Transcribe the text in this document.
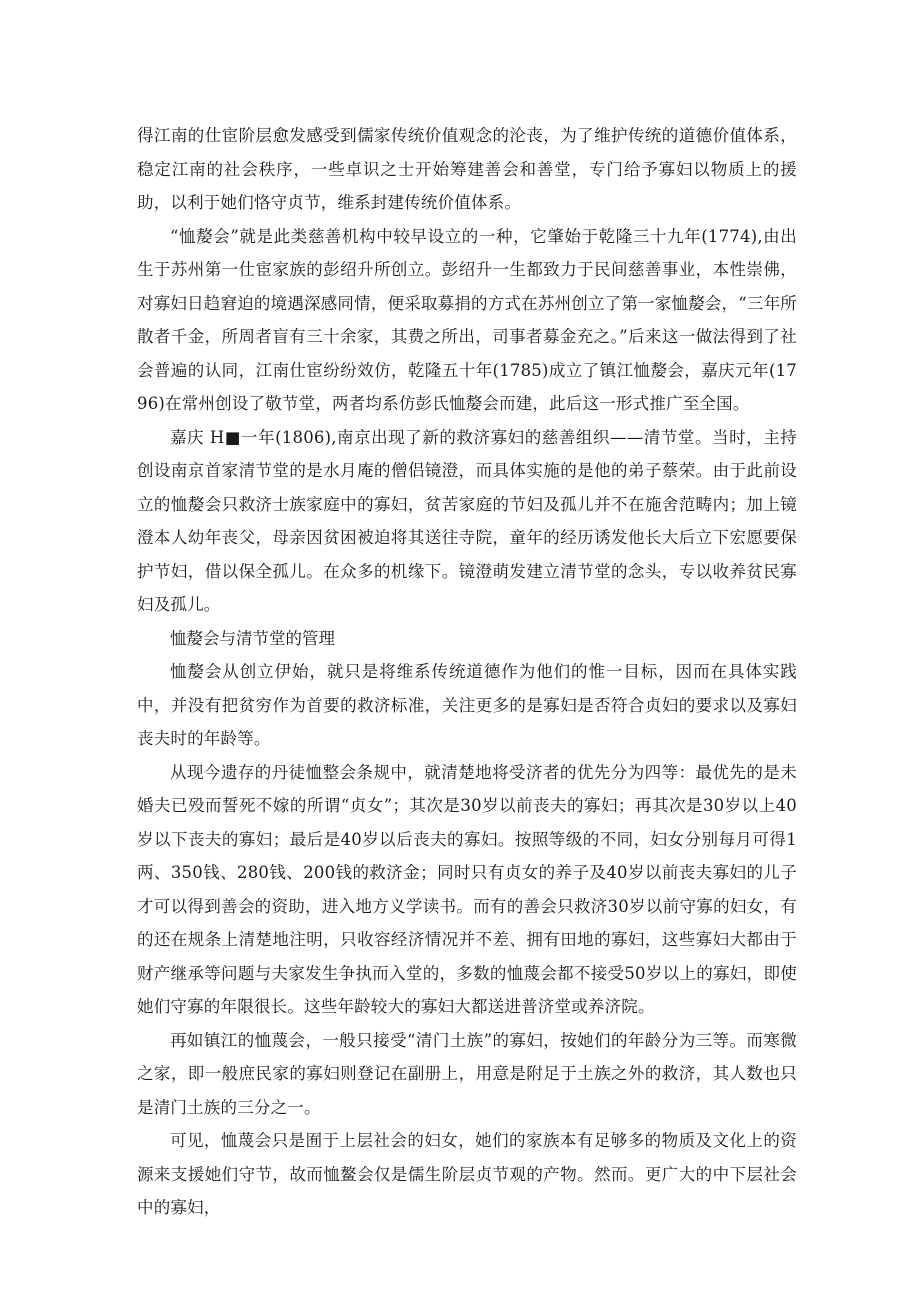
得江南的仕宦阶层愈发感受到儒家传统价值观念的沦丧，为了维护传统的道德价值体系，稳定江南的社会秩序，一些卓识之士开始筹建善会和善堂，专门给予寡妇以物质上的援助，以利于她们恪守贞节，维系封建传统价值体系。

“恤嫠会”就是此类慈善机构中较早设立的一种，它肇始于乾隆三十九年(1774),由出生于苏州第一仕宦家族的彭绍升所创立。彭绍升一生都致力于民间慈善事业，本性崇佛，对寡妇日趋窘迫的境遇深感同情，便采取募捐的方式在苏州创立了第一家恤嫠会，“三年所散者千金，所周者盲有三十余家，其费之所出，司事者募金充之。”后来这一做法得到了社会普遍的认同，江南仕宦纷纷效仿，乾隆五十年(1785)成立了镇江恤嫠会，嘉庆元年(1796)在常州创设了敬节堂，两者均系仿彭氏恤嫠会而建，此后这一形式推广至全国。

嘉庆 H■一年(1806),南京出现了新的救济寡妇的慈善组织——清节堂。当时，主持创设南京首家清节堂的是水月庵的僧侣镜澄，而具体实施的是他的弟子蔡荣。由于此前设立的恤嫠会只救济士族家庭中的寡妇，贫苦家庭的节妇及孤儿并不在施舍范畴内；加上镜澄本人幼年丧父，母亲因贫困被迫将其送往寺院，童年的经历诱发他长大后立下宏愿要保护节妇，借以保全孤儿。在众多的机缘下。镜澄萌发建立清节堂的念头，专以收养贫民寡妇及孤儿。

恤嫠会与清节堂的管理

恤嫠会从创立伊始，就只是将维系传统道德作为他们的惟一目标，因而在具体实践中，并没有把贫穷作为首要的救济标准，关注更多的是寡妇是否符合贞妇的要求以及寡妇丧夫时的年龄等。

从现今遗存的丹徒恤整会条规中，就清楚地将受济者的优先分为四等：最优先的是未婚夫已殁而誓死不嫁的所谓“贞女”；其次是30岁以前丧夫的寡妇；再其次是30岁以上40岁以下丧夫的寡妇；最后是40岁以后丧夫的寡妇。按照等级的不同，妇女分别每月可得1两、350钱、280钱、200钱的救济金；同时只有贞女的养子及40岁以前丧夫寡妇的儿子才可以得到善会的资助，进入地方义学读书。而有的善会只救济30岁以前守寡的妇女，有的还在规条上清楚地注明，只收容经济情况并不差、拥有田地的寡妇，这些寡妇大都由于财产继承等问题与夫家发生争执而入堂的，多数的恤蔑会都不接受50岁以上的寡妇，即使她们守寡的年限很长。这些年龄较大的寡妇大都送进普济堂或养济院。

再如镇江的恤蔑会，一般只接受“清门土族”的寡妇，按她们的年龄分为三等。而寒微之家，即一般庶民家的寡妇则登记在副册上，用意是附足于土族之外的救济，其人数也只是清门土族的三分之一。

可见，恤蔑会只是囿于上层社会的妇女，她们的家族本有足够多的物质及文化上的资源来支援她们守节，故而恤鳌会仅是儒生阶层贞节观的产物。然而。更广大的中下层社会中的寡妇，
